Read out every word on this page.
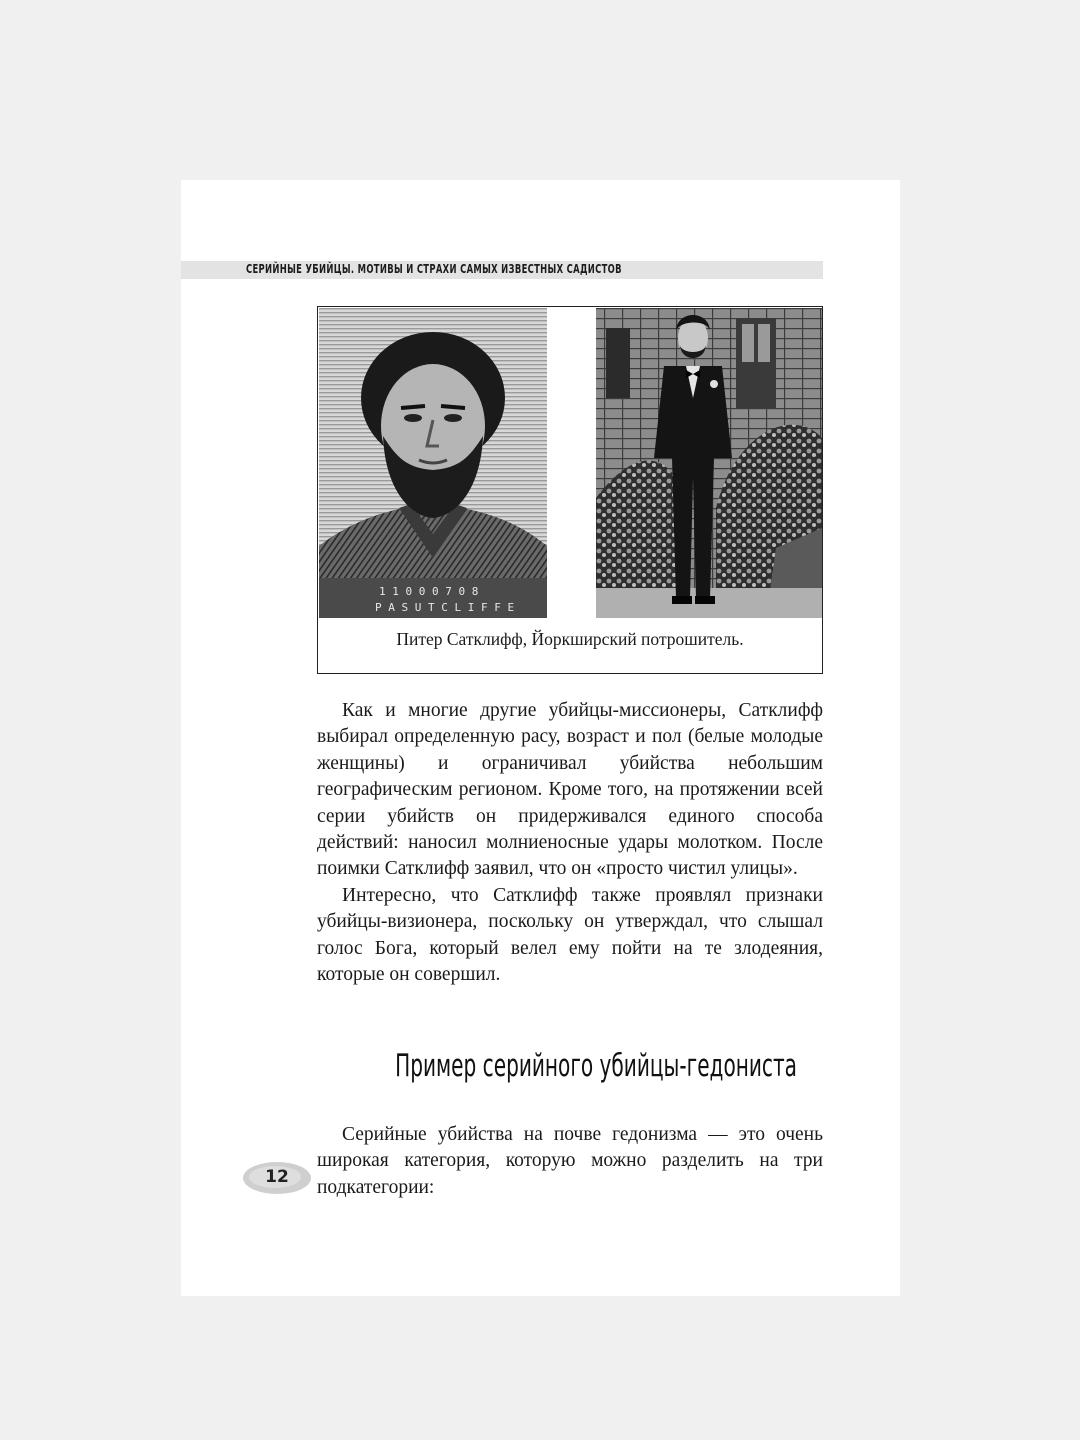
СЕРИЙНЫЕ УБИЙЦЫ. МОТИВЫ И СТРАХИ САМЫХ ИЗВЕСТНЫХ САДИСТОВ
1 1 0 0 0 7 0 8
P A S U T C L I F F E
Питер Сатклифф, Йоркширский потрошитель.

Как и многие другие убийцы-миссионеры, Сатклифф выбирал определенную расу, возраст и пол (белые молодые женщины) и ограничивал убийства небольшим географическим регионом. Кроме того, на протяжении всей серии убийств он придерживался единого способа действий: наносил молниеносные удары молотком. После поимки Сатклифф заявил, что он «просто чистил улицы».

Интересно, что Сатклифф также проявлял признаки убийцы-визионера, поскольку он утверждал, что слышал голос Бога, который велел ему пойти на те злодеяния, которые он совершил.

Пример серийного убийцы-гедониста

Серийные убийства на почве гедонизма — это очень широкая категория, которую можно разделить на три подкатегории:

12
